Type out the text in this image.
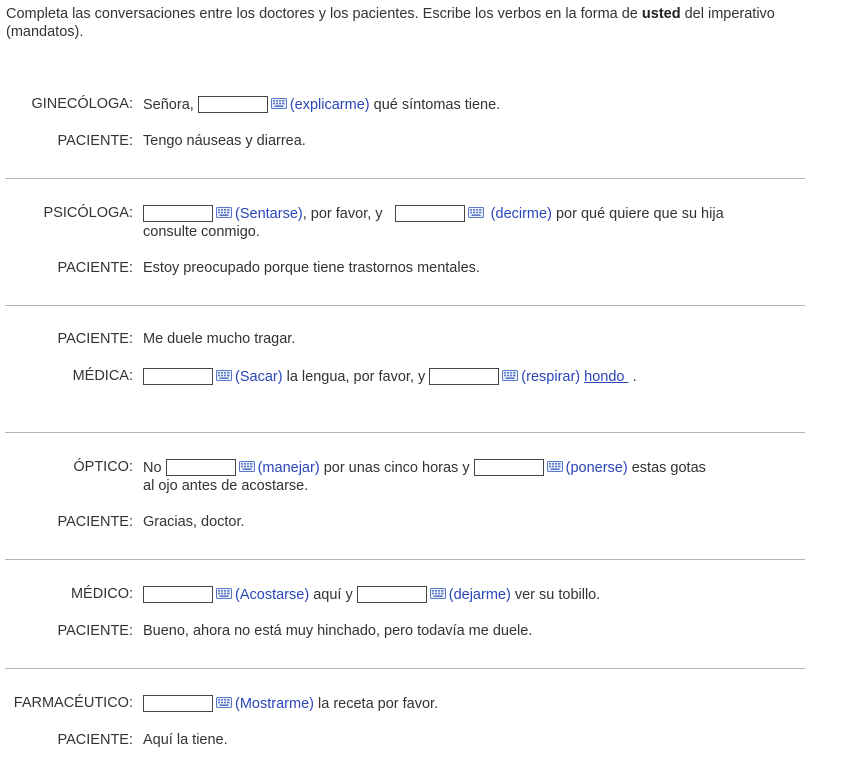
Completa las conversaciones entre los doctores y los pacientes. Escribe los verbos en la forma de usted del imperativo (mandatos).
GINECÓLOGA: Señora,	(explicarme) qué síntomas tiene.
PACIENTE: Tengo náuseas y diarrea.
PSICÓLOGA:	(Sentarse), por favor, y	(decirme) por qué quiere que su hija
consulte conmigo.
PACIENTE: Estoy preocupado porque tiene trastornos mentales.
PACIENTE: Me duele mucho tragar.
MÉDICA:	(Sacar) la lengua, por favor, y	(respirar) hondo .
ÓPTICO: No	(manejar) por unas cinco horas y	(ponerse) estas gotas
al ojo antes de acostarse.
PACIENTE: Gracias, doctor.
MÉDICO:	(Acostarse) aquí y	(dejarme) ver su tobillo.
PACIENTE: Bueno, ahora no está muy hinchado, pero todavía me duele.
FARMACÉUTICO:	(Mostrarme) la receta por favor.
PACIENTE: Aquí la tiene.
